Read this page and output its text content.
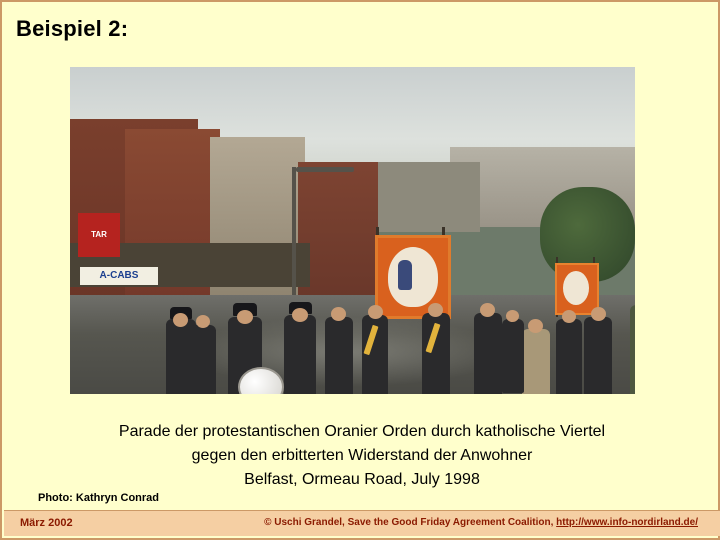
Beispiel 2:
TAR
A-CABS
Parade der protestantischen Oranier Orden durch katholische Viertel
gegen den erbitterten Widerstand der Anwohner
Belfast, Ormeau Road, July 1998
Photo: Kathryn Conrad
März 2002	© Uschi Grandel, Save the Good Friday Agreement Coalition, http://www.info-nordirland.de/
